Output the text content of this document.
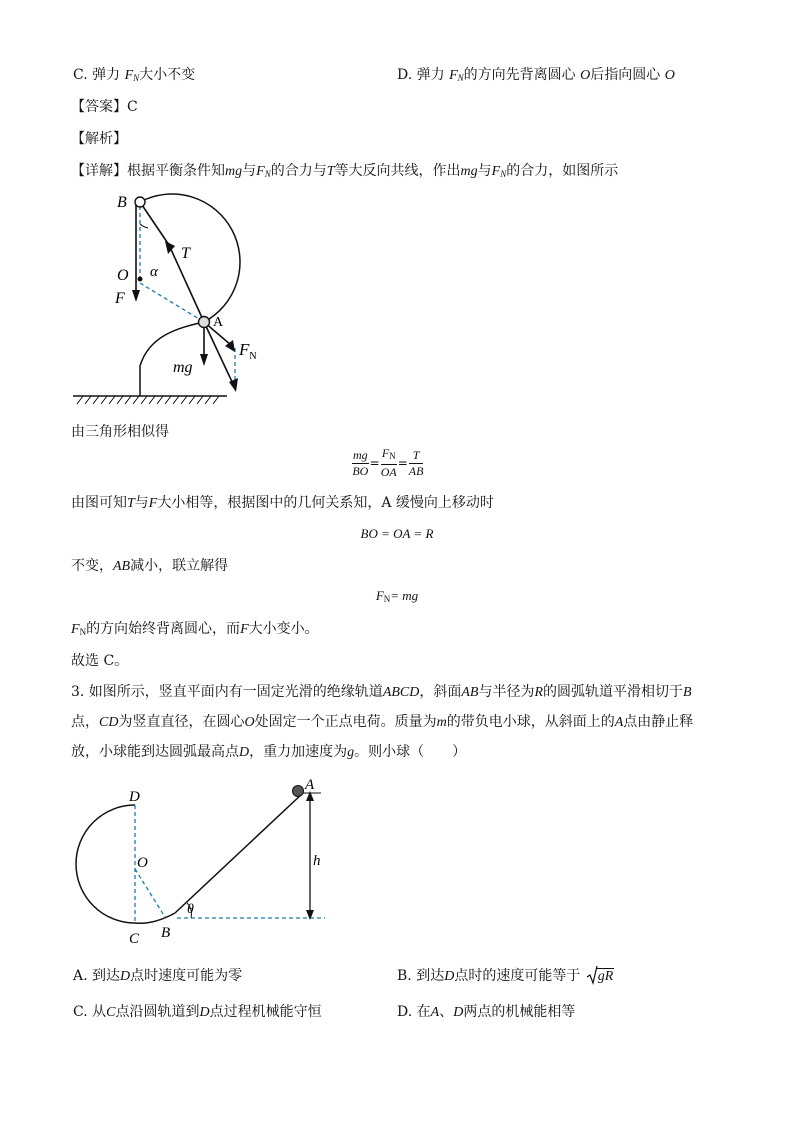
C. 弹力 $F_N$大小不变	D. 弹力 $F_N$的方向先背离圆心 O后指向圆心 O
【答案】C
【解析】
【详解】根据平衡条件知mg与$F_N$的合力与T等大反向共线，作出mg与$F_N$的合力，如图所示
B
O
F
T
α
A
$F_N$
mg
由三角形相似得
$\frac{mg}{BO} = \frac{F_N}{OA} = \frac{T}{AB}$
由图可知T与F大小相等，根据图中的几何关系知，A 缓慢向上移动时
BO = OA = R
不变，AB减小，联立解得
$F_N=$ mg
$F_N$的方向始终背离圆心，而F大小变小。
故选 C。
3. 如图所示，竖直平面内有一固定光滑的绝缘轨道ABCD，斜面AB与半径为R的圆弧轨道平滑相切于B
点，CD为竖直直径，在圆心O处固定一个正点电荷。质量为m的带负电小球，从斜面上的A点由静止释
放，小球能到达圆弧最高点D，重力加速度为g。则小球（　　）
D
O
C B
A
h
θ
A. 到达D点时速度可能为零	B. 到达D点时的速度可能等于 gR
C. 从C点沿圆轨道到D点过程机械能守恒	D. 在A、D两点的机械能相等
